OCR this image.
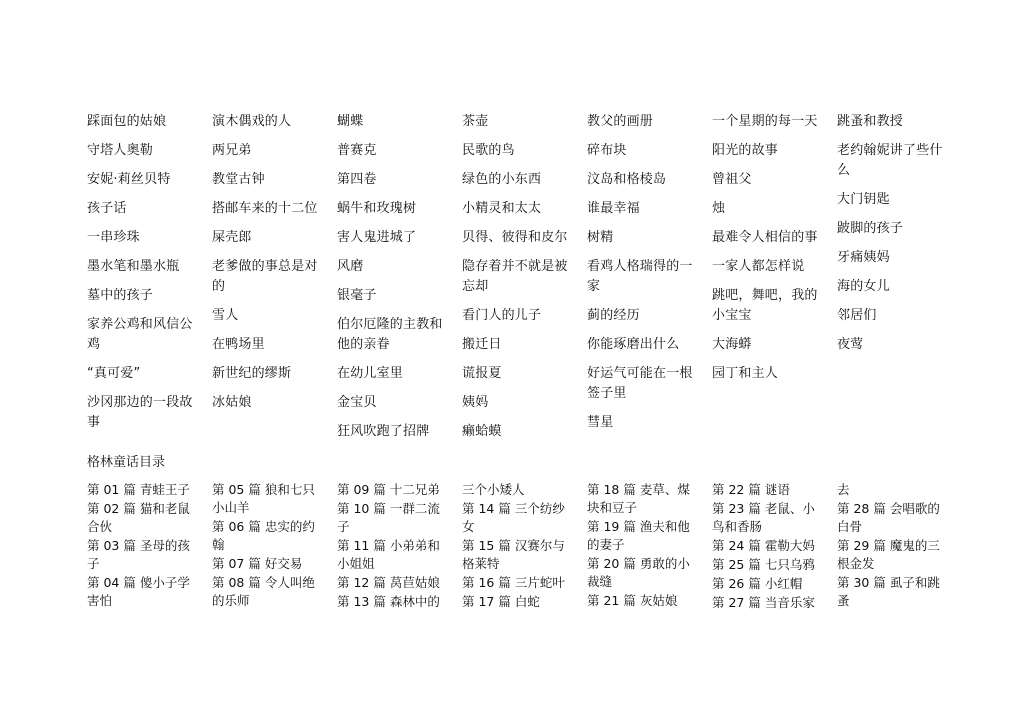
踩面包的姑娘
守塔人奥勒
安妮·莉丝贝特
孩子话
一串珍珠
墨水笔和墨水瓶
墓中的孩子
家养公鸡和风信公鸡
“真可爱”
沙冈那边的一段故事
演木偶戏的人
两兄弟
教堂古钟
搭邮车来的十二位
屎壳郎
老爹做的事总是对的
雪人
在鸭场里
新世纪的缪斯
冰姑娘
蝴蝶
普赛克
第四卷
蜗牛和玫瑰树
害人鬼进城了
风磨
银毫子
伯尔厄隆的主教和他的亲眷
在幼儿室里
金宝贝
狂风吹跑了招牌
茶壶
民歌的鸟
绿色的小东西
小精灵和太太
贝得、彼得和皮尔
隐存着并不就是被忘却
看门人的儿子
搬迁日
谎报夏
姨妈
癞蛤蟆
教父的画册
碎布块
汶岛和格棱岛
谁最幸福
树精
看鸡人格瑞得的一家
蓟的经历
你能琢磨出什么
好运气可能在一根签子里
彗星
一个星期的每一天
阳光的故事
曾祖父
烛
最难令人相信的事
一家人都怎样说
跳吧，舞吧，我的小宝宝
大海蟒
园丁和主人
跳蚤和教授
老约翰妮讲了些什么
大门钥匙
跛脚的孩子
牙痛姨妈
海的女儿
邻居们
夜莺
格林童话目录
第 01 篇 青蛙王子
第 02 篇 猫和老鼠合伙
第 03 篇 圣母的孩子
第 04 篇 傻小子学害怕
第 05 篇 狼和七只小山羊
第 06 篇 忠实的约翰
第 07 篇 好交易
第 08 篇 令人叫绝的乐师
第 09 篇 十二兄弟
第 10 篇 一群二流子
第 11 篇 小弟弟和小姐姐
第 12 篇 莴苣姑娘
第 13 篇 森林中的
三个小矮人
第 14 篇 三个纺纱女
第 15 篇 汉赛尔与格莱特
第 16 篇 三片蛇叶
第 17 篇 白蛇
第 18 篇 麦草、煤块和豆子
第 19 篇 渔夫和他的妻子
第 20 篇 勇敢的小裁缝
第 21 篇 灰姑娘
第 22 篇 谜语
第 23 篇 老鼠、小鸟和香肠
第 24 篇 霍勒大妈
第 25 篇 七只乌鸦
第 26 篇 小红帽
第 27 篇 当音乐家
去
第 28 篇 会唱歌的白骨
第 29 篇 魔鬼的三根金发
第 30 篇 虱子和跳蚤
